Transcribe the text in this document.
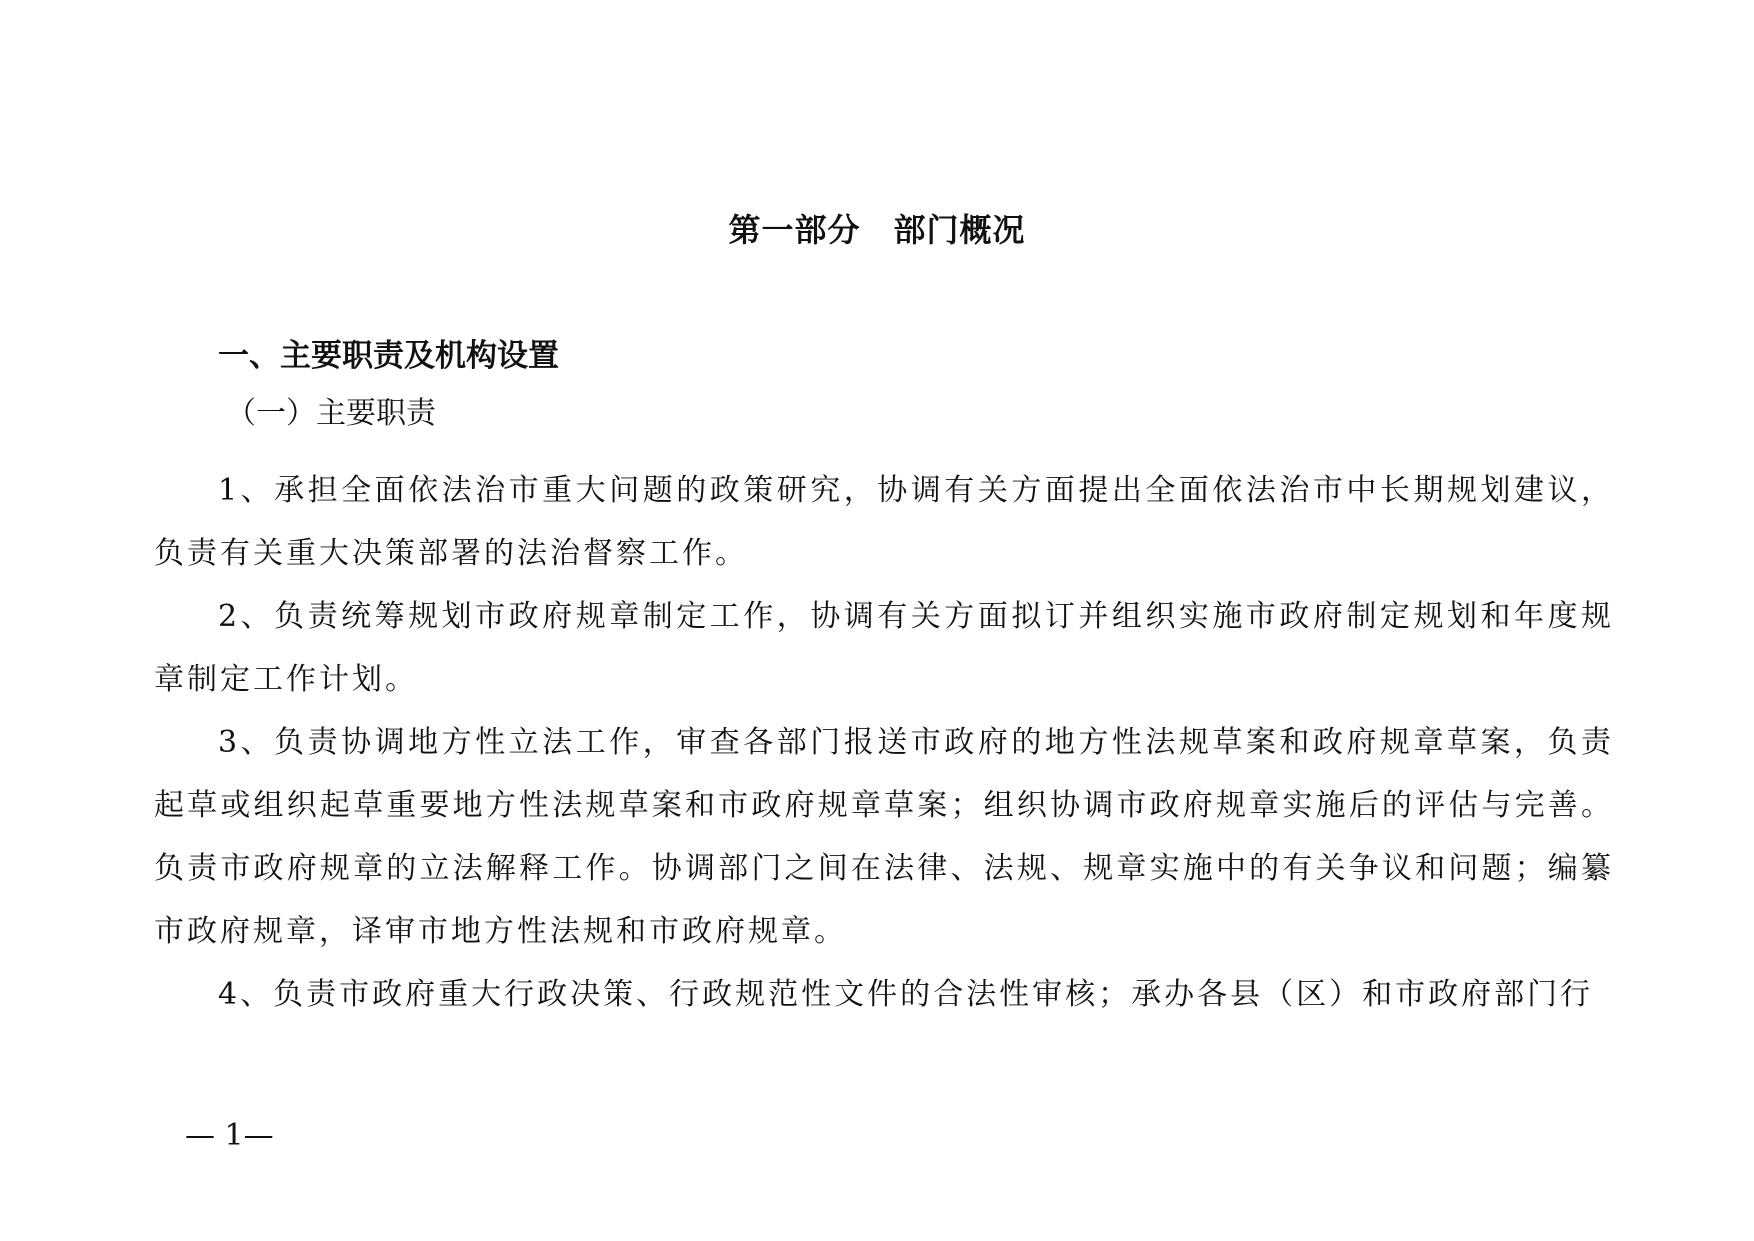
第一部分　部门概况
一、主要职责及机构设置
（一）主要职责

1、承担全面依法治市重大问题的政策研究，协调有关方面提出全面依法治市中长期规划建议，负责有关重大决策部署的法治督察工作。

2、负责统筹规划市政府规章制定工作，协调有关方面拟订并组织实施市政府制定规划和年度规章制定工作计划。

3、负责协调地方性立法工作，审查各部门报送市政府的地方性法规草案和政府规章草案，负责起草或组织起草重要地方性法规草案和市政府规章草案；组织协调市政府规章实施后的评估与完善。负责市政府规章的立法解释工作。协调部门之间在法律、法规、规章实施中的有关争议和问题；编纂市政府规章，译审市地方性法规和市政府规章。

4、负责市政府重大行政决策、行政规范性文件的合法性审核；承办各县（区）和市政府部门行

— 1—
